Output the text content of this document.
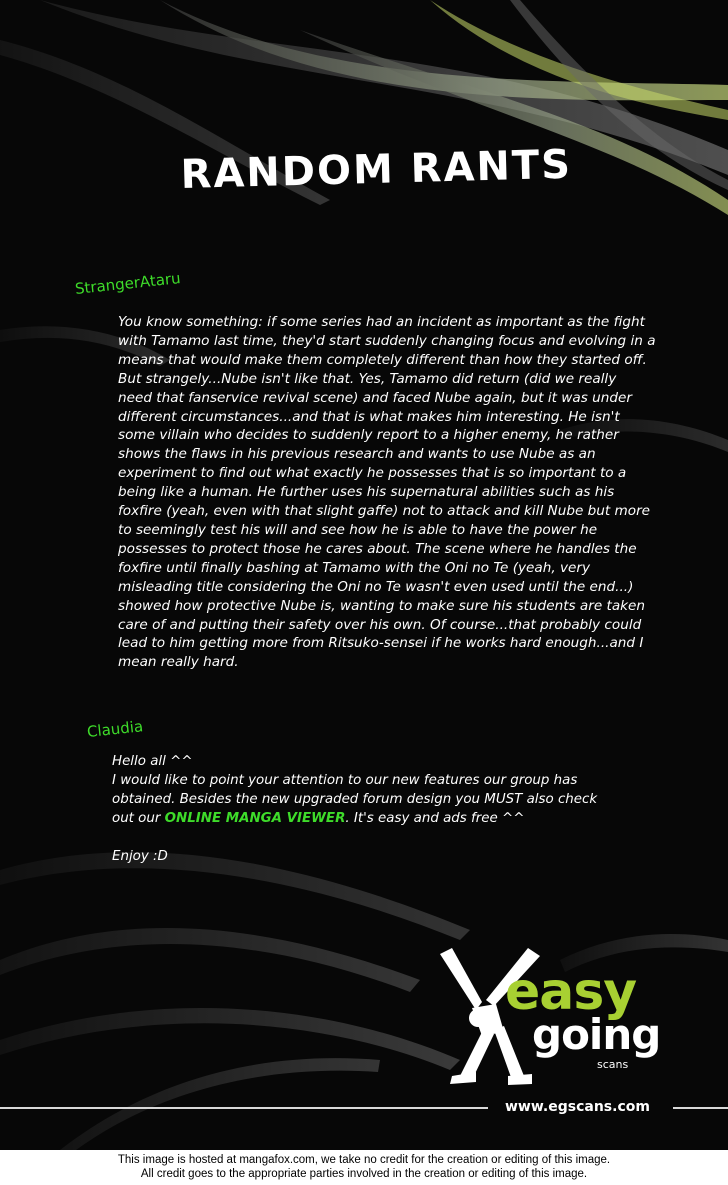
RANDOM RANTS
StrangerAtaru
You know something: if some series had an incident as important as the fight
with Tamamo last time, they'd start suddenly changing focus and evolving in a
means that would make them completely different than how they started off.
But strangely...Nube isn't like that. Yes, Tamamo did return (did we really
need that fanservice revival scene) and faced Nube again, but it was under
different circumstances...and that is what makes him interesting. He isn't
some villain who decides to suddenly report to a higher enemy, he rather
shows the flaws in his previous research and wants to use Nube as an
experiment to find out what exactly he possesses that is so important to a
being like a human. He further uses his supernatural abilities such as his
foxfire (yeah, even with that slight gaffe) not to attack and kill Nube but more
to seemingly test his will and see how he is able to have the power he
possesses to protect those he cares about. The scene where he handles the
foxfire until finally bashing at Tamamo with the Oni no Te (yeah, very
misleading title considering the Oni no Te wasn't even used until the end...)
showed how protective Nube is, wanting to make sure his students are taken
care of and putting their safety over his own. Of course...that probably could
lead to him getting more from Ritsuko-sensei if he works hard enough...and I
mean really hard.
Claudia
Hello all ^^
I would like to point your attention to our new features our group has
obtained. Besides the new upgraded forum design you MUST also check
out our ONLINE MANGA VIEWER. It's easy and ads free ^^
Enjoy :D
easy
going
scans
www.egscans.com
This image is hosted at mangafox.com, we take no credit for the creation or editing of this image.
All credit goes to the appropriate parties involved in the creation or editing of this image.
